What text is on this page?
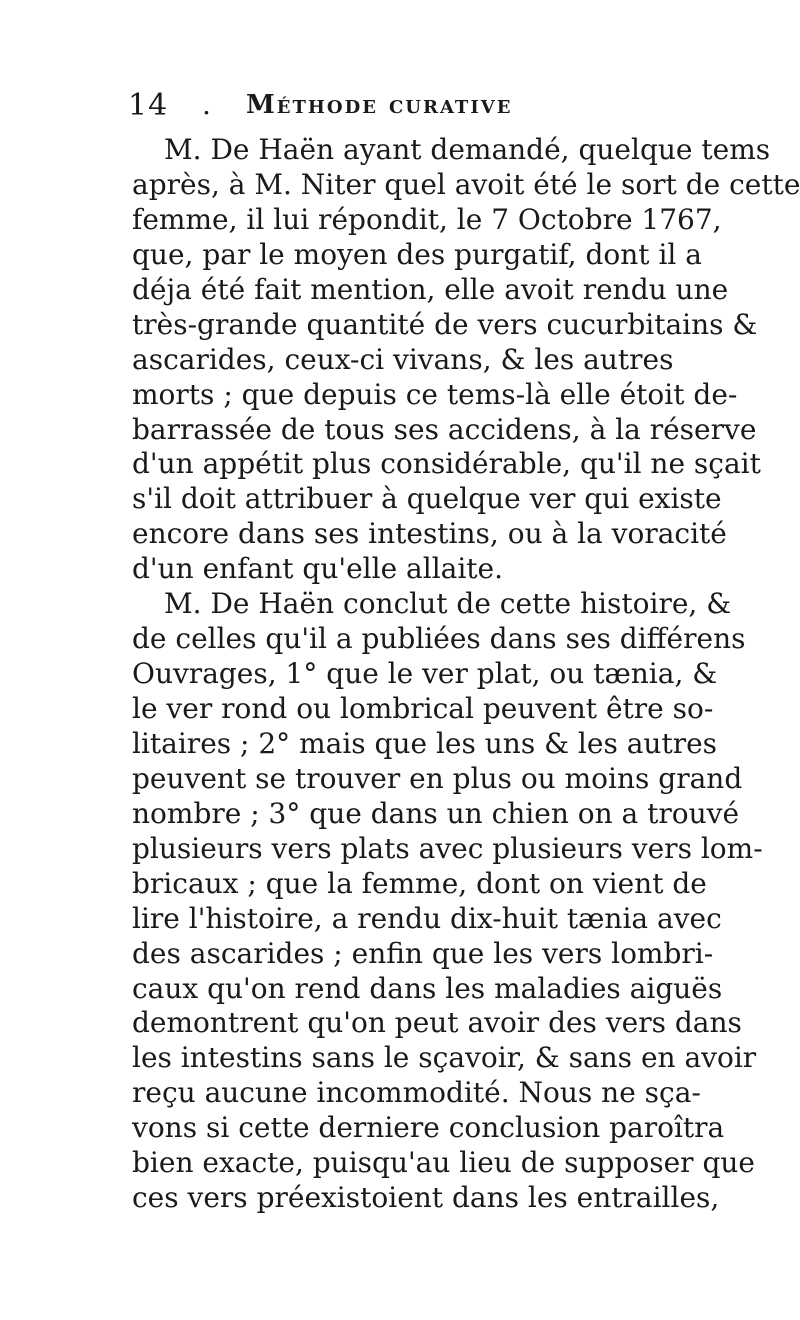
14 . Méthode curative
M. De Haën ayant demandé, quelque tems
après, à M. Niter quel avoit été le sort de cette
femme, il lui répondit, le 7 Octobre 1767,
que, par le moyen des purgatif, dont il a
déja été fait mention, elle avoit rendu une
très-grande quantité de vers cucurbitains &
ascarides, ceux-ci vivans, & les autres
morts ; que depuis ce tems-là elle étoit de-
barrassée de tous ses accidens, à la réserve
d'un appétit plus considérable, qu'il ne sçait
s'il doit attribuer à quelque ver qui existe
encore dans ses intestins, ou à la voracité
d'un enfant qu'elle allaite.
M. De Haën conclut de cette histoire, &
de celles qu'il a publiées dans ses différens
Ouvrages, 1° que le ver plat, ou tænia, &
le ver rond ou lombrical peuvent être so-
litaires ; 2° mais que les uns & les autres
peuvent se trouver en plus ou moins grand
nombre ; 3° que dans un chien on a trouvé
plusieurs vers plats avec plusieurs vers lom-
bricaux ; que la femme, dont on vient de
lire l'histoire, a rendu dix-huit tænia avec
des ascarides ; enfin que les vers lombri-
caux qu'on rend dans les maladies aiguës
demontrent qu'on peut avoir des vers dans
les intestins sans le sçavoir, & sans en avoir
reçu aucune incommodité. Nous ne sça-
vons si cette derniere conclusion paroîtra
bien exacte, puisqu'au lieu de supposer que
ces vers préexistoient dans les entrailles,
